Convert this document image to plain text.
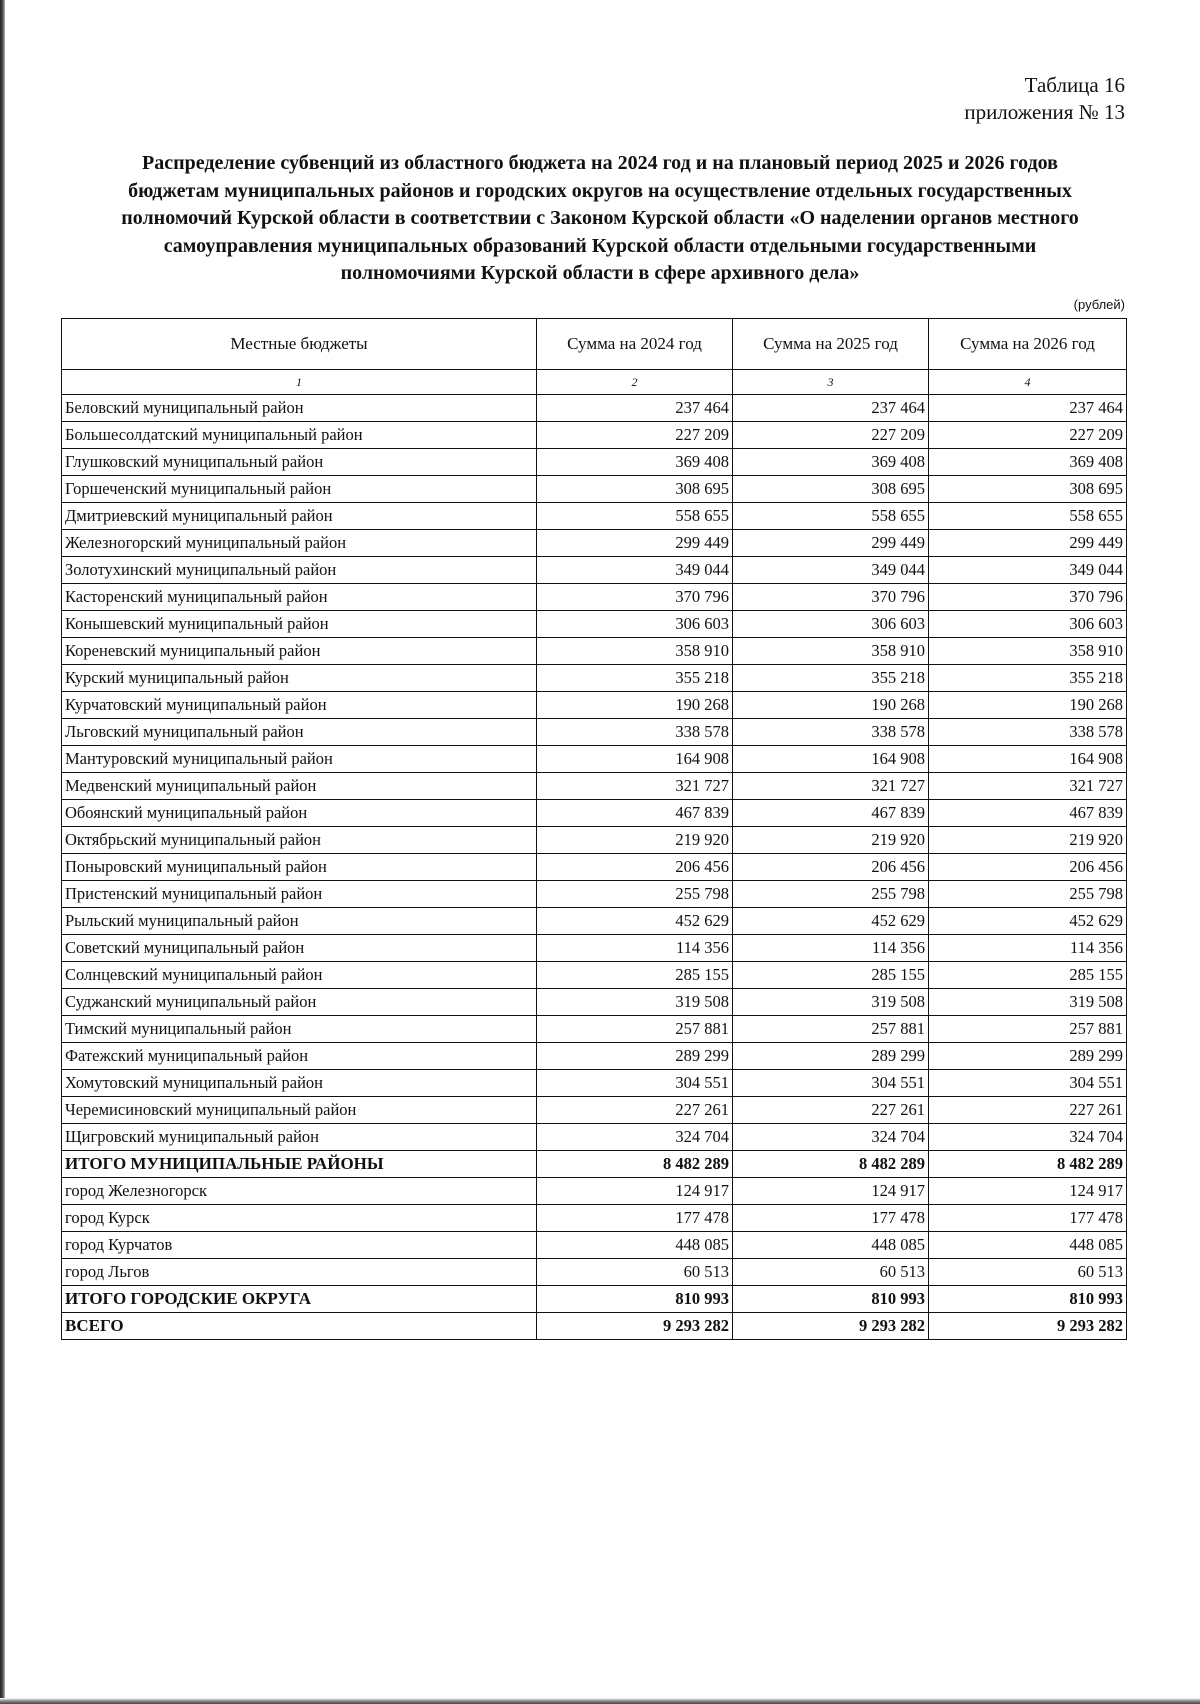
Таблица 16
приложения № 13
Распределение субвенций из областного бюджета на 2024 год и на плановый период 2025 и 2026 годов
бюджетам муниципальных районов и городских округов на осуществление отдельных государственных
полномочий Курской области в соответствии с Законом Курской области «О наделении органов местного
самоуправления муниципальных образований Курской области отдельными государственными
полномочиями Курской области в сфере архивного дела»
(рублей)
Местные бюджеты	Сумма на 2024 год	Сумма на 2025 год	Сумма на 2026 год
1	2	3	4
Беловский муниципальный район	237 464	237 464	237 464
Большесолдатский муниципальный район	227 209	227 209	227 209
Глушковский муниципальный район	369 408	369 408	369 408
Горшеченский муниципальный район	308 695	308 695	308 695
Дмитриевский муниципальный район	558 655	558 655	558 655
Железногорский муниципальный район	299 449	299 449	299 449
Золотухинский муниципальный район	349 044	349 044	349 044
Касторенский муниципальный район	370 796	370 796	370 796
Конышевский муниципальный район	306 603	306 603	306 603
Кореневский муниципальный район	358 910	358 910	358 910
Курский муниципальный район	355 218	355 218	355 218
Курчатовский муниципальный район	190 268	190 268	190 268
Льговский муниципальный район	338 578	338 578	338 578
Мантуровский муниципальный район	164 908	164 908	164 908
Медвенский муниципальный район	321 727	321 727	321 727
Обоянский муниципальный район	467 839	467 839	467 839
Октябрьский муниципальный район	219 920	219 920	219 920
Поныровский муниципальный район	206 456	206 456	206 456
Пристенский муниципальный район	255 798	255 798	255 798
Рыльский муниципальный район	452 629	452 629	452 629
Советский муниципальный район	114 356	114 356	114 356
Солнцевский муниципальный район	285 155	285 155	285 155
Суджанский муниципальный район	319 508	319 508	319 508
Тимский муниципальный район	257 881	257 881	257 881
Фатежский муниципальный район	289 299	289 299	289 299
Хомутовский муниципальный район	304 551	304 551	304 551
Черемисиновский муниципальный район	227 261	227 261	227 261
Щигровский муниципальный район	324 704	324 704	324 704
ИТОГО МУНИЦИПАЛЬНЫЕ РАЙОНЫ	8 482 289	8 482 289	8 482 289
город Железногорск	124 917	124 917	124 917
город Курск	177 478	177 478	177 478
город Курчатов	448 085	448 085	448 085
город Льгов	60 513	60 513	60 513
ИТОГО ГОРОДСКИЕ ОКРУГА	810 993	810 993	810 993
ВСЕГО	9 293 282	9 293 282	9 293 282
